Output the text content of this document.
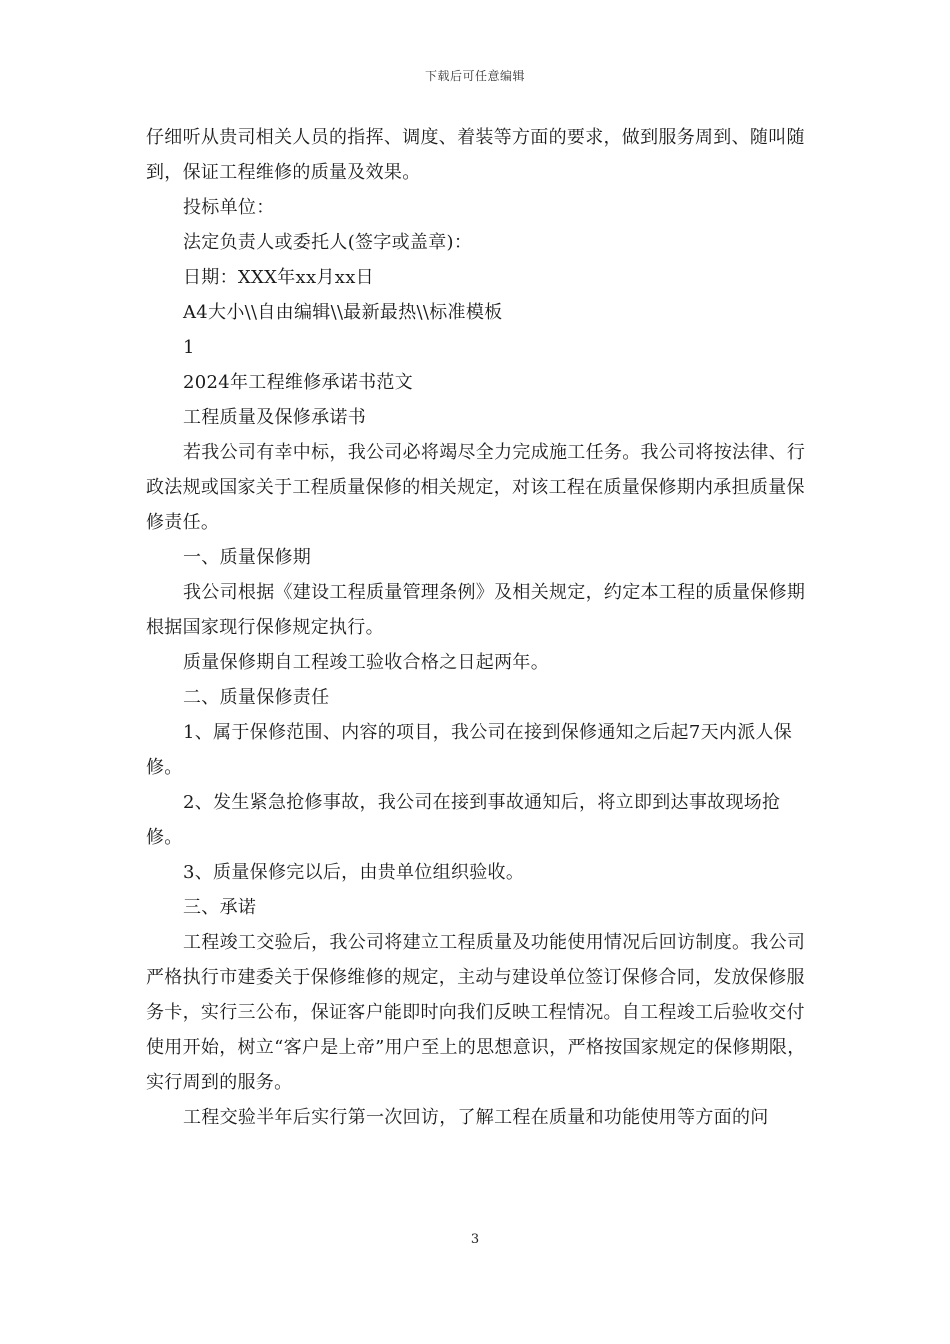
下载后可任意编辑

仔细听从贵司相关人员的指挥、调度、着装等方面的要求，做到服务周到、随叫随到，保证工程维修的质量及效果。

投标单位：

法定负责人或委托人(签字或盖章)：

日期：XXX年xx月xx日

A4大小\\自由编辑\\最新最热\\标准模板

1

2024年工程维修承诺书范文

工程质量及保修承诺书

若我公司有幸中标，我公司必将竭尽全力完成施工任务。我公司将按法律、行政法规或国家关于工程质量保修的相关规定，对该工程在质量保修期内承担质量保修责任。

一、质量保修期

我公司根据《建设工程质量管理条例》及相关规定，约定本工程的质量保修期根据国家现行保修规定执行。

质量保修期自工程竣工验收合格之日起两年。

二、质量保修责任

1、属于保修范围、内容的项目，我公司在接到保修通知之后起7天内派人保修。

2、发生紧急抢修事故，我公司在接到事故通知后，将立即到达事故现场抢修。

3、质量保修完以后，由贵单位组织验收。

三、承诺

工程竣工交验后，我公司将建立工程质量及功能使用情况后回访制度。我公司严格执行市建委关于保修维修的规定，主动与建设单位签订保修合同，发放保修服务卡，实行三公布，保证客户能即时向我们反映工程情况。自工程竣工后验收交付使用开始，树立“客户是上帝”用户至上的思想意识，严格按国家规定的保修期限，实行周到的服务。

工程交验半年后实行第一次回访，了解工程在质量和功能使用等方面的问

3
